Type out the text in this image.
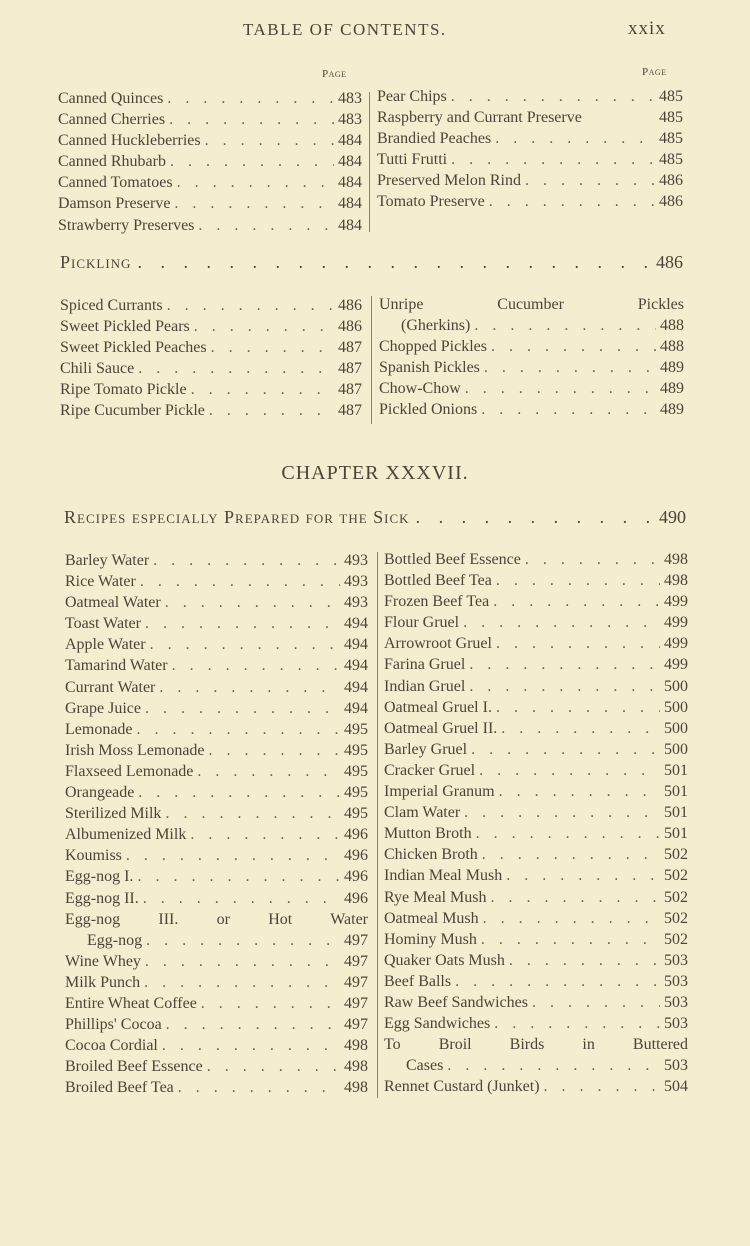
TABLE OF CONTENTS.	xxix
Page	Page
Canned Quinces . . .	483
Canned Cherries . . .	483
Canned Huckleberries . . .	484
Canned Rhubarb . . .	484
Canned Tomatoes . . .	484
Damson Preserve . . .	484
Strawberry Preserves . . .	484
Pear Chips . . .	485
Raspberry and Currant Preserve	485
Brandied Peaches . . .	485
Tutti Frutti . . .	485
Preserved Melon Rind . . .	486
Tomato Preserve . . .	486
Pickling . . .	486
Spiced Currants . . .	486
Sweet Pickled Pears . . .	486
Sweet Pickled Peaches . . .	487
Chili Sauce . . .	487
Ripe Tomato Pickle . . .	487
Ripe Cucumber Pickle . . .	487
Unripe Cucumber Pickles
(Gherkins) . . .	488
Chopped Pickles . . .	488
Spanish Pickles . . .	489
Chow-Chow . . .	489
Pickled Onions . . .	489
CHAPTER XXXVII.
Recipes especially Prepared for the Sick . . .	490
Barley Water . . .	493
Rice Water . . .	493
Oatmeal Water . . .	493
Toast Water . . .	494
Apple Water . . .	494
Tamarind Water . . .	494
Currant Water . . .	494
Grape Juice . . .	494
Lemonade . . .	495
Irish Moss Lemonade . . .	495
Flaxseed Lemonade . . .	495
Orangeade . . .	495
Sterilized Milk . . .	495
Albumenized Milk . . .	496
Koumiss . . .	496
Egg-nog I. . . .	496
Egg-nog II. . . .	496
Egg-nog III. or Hot Water
Egg-nog . . .	497
Wine Whey . . .	497
Milk Punch . . .	497
Entire Wheat Coffee . . .	497
Phillips' Cocoa . . .	497
Cocoa Cordial . . .	498
Broiled Beef Essence . . .	498
Broiled Beef Tea . . .	498
Bottled Beef Essence . . .	498
Bottled Beef Tea . . .	498
Frozen Beef Tea . . .	499
Flour Gruel . . .	499
Arrowroot Gruel . . .	499
Farina Gruel . . .	499
Indian Gruel . . .	500
Oatmeal Gruel I. . . .	500
Oatmeal Gruel II. . . .	500
Barley Gruel . . .	500
Cracker Gruel . . .	501
Imperial Granum . . .	501
Clam Water . . .	501
Mutton Broth . . .	501
Chicken Broth . . .	502
Indian Meal Mush . . .	502
Rye Meal Mush . . .	502
Oatmeal Mush . . .	502
Hominy Mush . . .	502
Quaker Oats Mush . . .	503
Beef Balls . . .	503
Raw Beef Sandwiches . . .	503
Egg Sandwiches . . .	503
To Broil Birds in Buttered
Cases . . .	503
Rennet Custard (Junket) . . .	504
